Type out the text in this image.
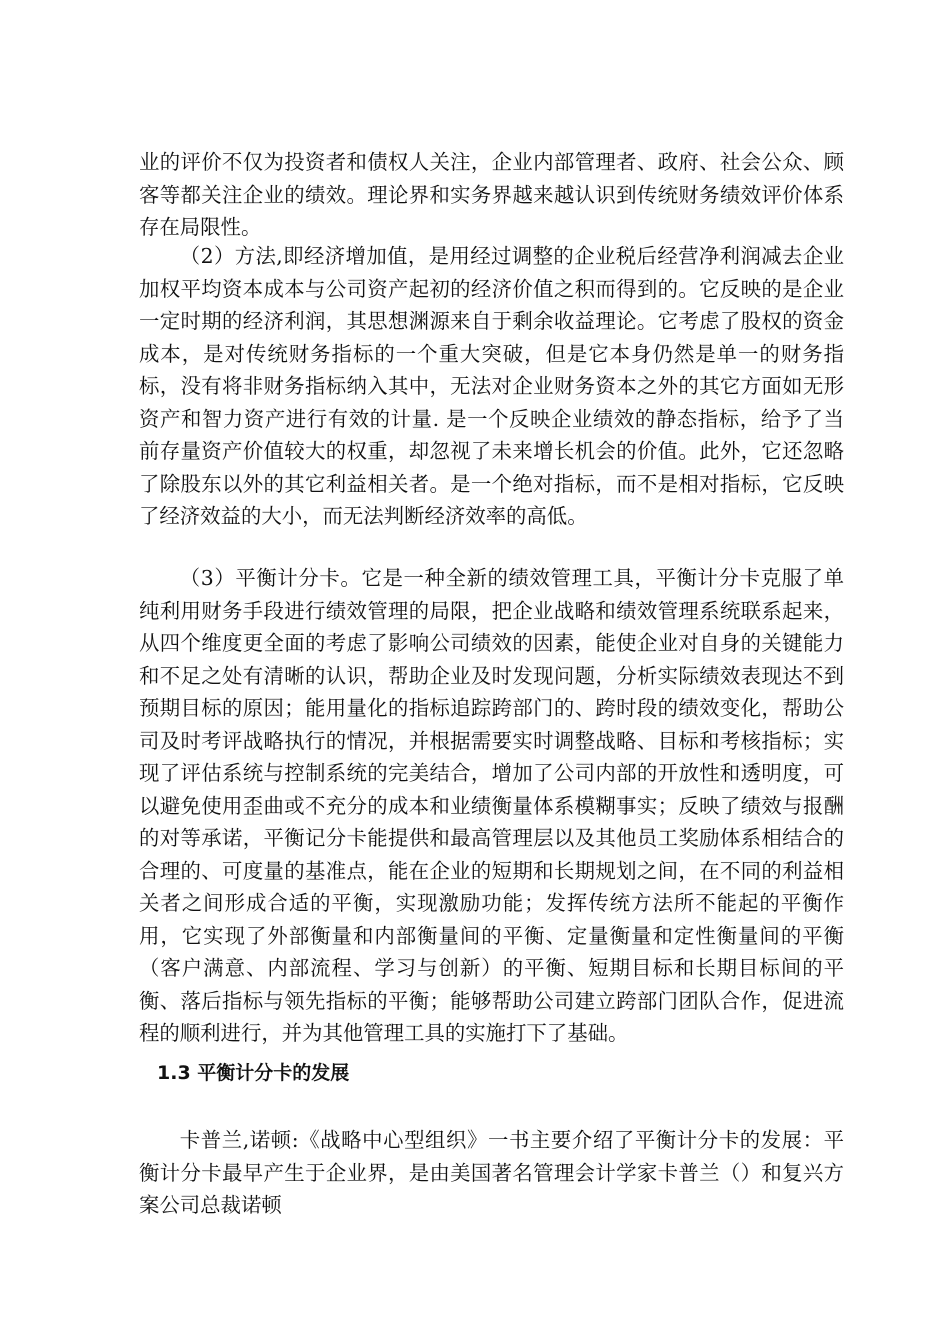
业的评价不仅为投资者和债权人关注，企业内部管理者、政府、社会公众、顾客等都关注企业的绩效。理论界和实务界越来越认识到传统财务绩效评价体系存在局限性。

（2）方法,即经济增加值，是用经过调整的企业税后经营净利润减去企业加权平均资本成本与公司资产起初的经济价值之积而得到的。它反映的是企业一定时期的经济利润，其思想渊源来自于剩余收益理论。它考虑了股权的资金成本，是对传统财务指标的一个重大突破，但是它本身仍然是单一的财务指标，没有将非财务指标纳入其中，无法对企业财务资本之外的其它方面如无形资产和智力资产进行有效的计量. 是一个反映企业绩效的静态指标，给予了当前存量资产价值较大的权重，却忽视了未来增长机会的价值。此外，它还忽略了除股东以外的其它利益相关者。是一个绝对指标，而不是相对指标，它反映了经济效益的大小，而无法判断经济效率的高低。

（3）平衡计分卡。它是一种全新的绩效管理工具，平衡计分卡克服了单纯利用财务手段进行绩效管理的局限，把企业战略和绩效管理系统联系起来，从四个维度更全面的考虑了影响公司绩效的因素，能使企业对自身的关键能力和不足之处有清晰的认识，帮助企业及时发现问题，分析实际绩效表现达不到预期目标的原因；能用量化的指标追踪跨部门的、跨时段的绩效变化，帮助公司及时考评战略执行的情况，并根据需要实时调整战略、目标和考核指标；实现了评估系统与控制系统的完美结合，增加了公司内部的开放性和透明度，可以避免使用歪曲或不充分的成本和业绩衡量体系模糊事实；反映了绩效与报酬的对等承诺，平衡记分卡能提供和最高管理层以及其他员工奖励体系相结合的合理的、可度量的基准点，能在企业的短期和长期规划之间，在不同的利益相关者之间形成合适的平衡，实现激励功能；发挥传统方法所不能起的平衡作用，它实现了外部衡量和内部衡量间的平衡、定量衡量和定性衡量间的平衡（客户满意、内部流程、学习与创新）的平衡、短期目标和长期目标间的平衡、落后指标与领先指标的平衡；能够帮助公司建立跨部门团队合作，促进流程的顺利进行，并为其他管理工具的实施打下了基础。

1.3 平衡计分卡的发展

卡普兰,诺顿:《战略中心型组织》一书主要介绍了平衡计分卡的发展：平衡计分卡最早产生于企业界，是由美国著名管理会计学家卡普兰（）和复兴方案公司总裁诺顿
